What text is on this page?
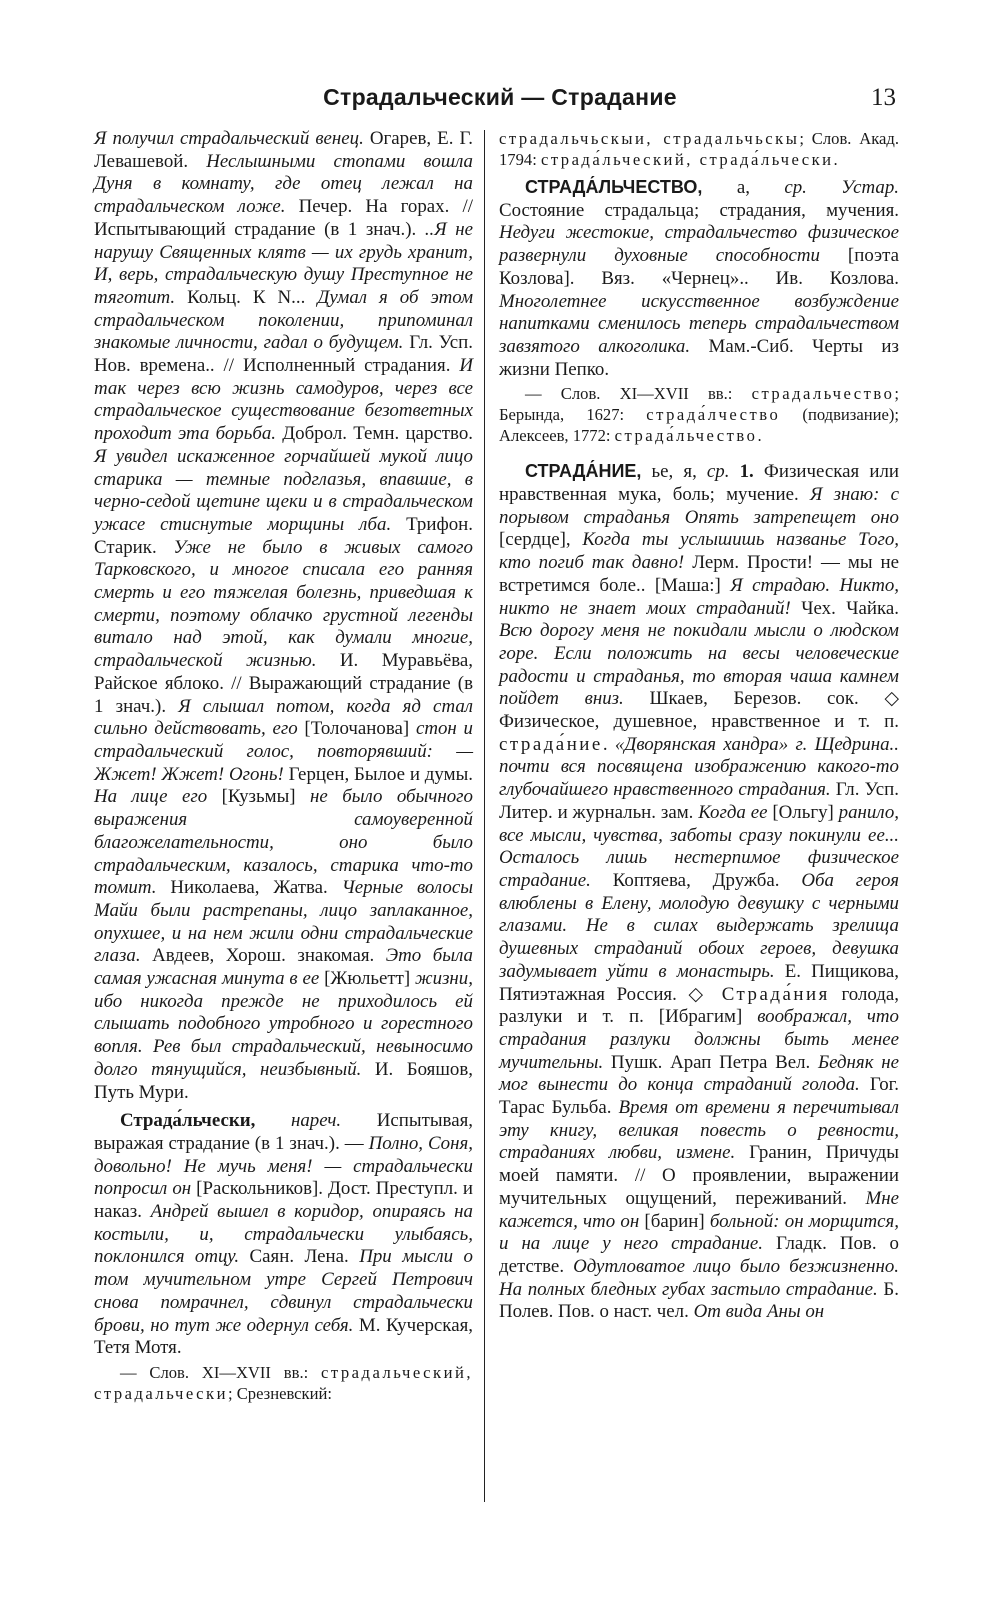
Страдальческий — Страдание	13

Я получил страдальческий венец. Огарев, Е. Г. Левашевой. Неслышными стопами вошла Дуня в комнату, где отец лежал на страдальческом ложе. Печер. На горах. // Испытывающий страдание (в 1 знач.). ..Я не нарушу Священных клятв — их грудь хранит, И, верь, страдальческую душу Преступное не тяготит. Кольц. К N... Думал я об этом страдальческом поколении, припоминал знакомые личности, гадал о будущем. Гл. Усп. Нов. времена.. // Исполненный страдания. И так через всю жизнь самодуров, через все страдальческое существование безответных проходит эта борьба. Доброл. Темн. царство. Я увидел искаженное горчайшей мукой лицо старика — темные подглазья, впавшие, в черно-седой щетине щеки и в страдальческом ужасе стиснутые морщины лба. Трифон. Старик. Уже не было в живых самого Тарковского, и многое списала его ранняя смерть и его тяжелая болезнь, приведшая к смерти, поэтому облачко грустной легенды витало над этой, как думали многие, страдальческой жизнью. И. Муравьёва, Райское яблоко. // Выражающий страдание (в 1 знач.). Я слышал потом, когда яд стал сильно действовать, его [Толочанова] стон и страдальческий голос, повторявший: — Жжет! Жжет! Огонь! Герцен, Былое и думы. На лице его [Кузьмы] не было обычного выражения самоуверенной благожелательности, оно было страдальческим, казалось, старика что-то томит. Николаева, Жатва. Черные волосы Майи были растрепаны, лицо заплаканное, опухшее, и на нем жили одни страдальческие глаза. Авдеев, Хорош. знакомая. Это была самая ужасная минута в ее [Жюльетт] жизни, ибо никогда прежде не приходилось ей слышать подобного утробного и горестного вопля. Рев был страдальческий, невыносимо долго тянущийся, неизбывный. И. Бояшов, Путь Мури.

Страда́льчески, нареч. Испытывая, выражая страдание (в 1 знач.). — Полно, Соня, довольно! Не мучь меня! — страдальчески попросил он [Раскольников]. Дост. Преступл. и наказ. Андрей вышел в коридор, опираясь на костыли, и, страдальчески улыбаясь, поклонился отцу. Саян. Лена. При мысли о том мучительном утре Сергей Петрович снова помрачнел, сдвинул страдальчески брови, но тут же одернул себя. М. Кучерская, Тетя Мотя.

— Слов. XI—XVII вв.: страдальческий, страдальчески; Срезневский:

страдальчьскыи, страдальчьскы; Слов. Акад. 1794: страда́льческий, страда́льчески.

СТРАДА́ЛЬЧЕСТВО, а, ср. Устар. Состояние страдальца; страдания, мучения. Недуги жестокие, страдальчество физическое развернули духовные способности [поэта Козлова]. Вяз. «Чернец».. Ив. Козлова. Многолетнее искусственное возбуждение напитками сменилось теперь страдальчеством завзятого алкоголика. Мам.-Сиб. Черты из жизни Пепко.

— Слов. XI—XVII вв.: страдальчество; Берында, 1627: страда́лчество (подвизание); Алексеев, 1772: страда́льчество.

СТРАДА́НИЕ, ье, я, ср. 1. Физическая или нравственная мука, боль; мучение. Я знаю: с порывом страданья Опять затрепещет оно [сердце], Когда ты услышишь названье Того, кто погиб так давно! Лерм. Прости! — мы не встретимся боле.. [Маша:] Я страдаю. Никто, никто не знает моих страданий! Чех. Чайка. Всю дорогу меня не покидали мысли о людском горе. Если положить на весы человеческие радости и страданья, то вторая чаша камнем пойдет вниз. Шкаев, Березов. сок. ◇ Физическое, душевное, нравственное и т. п. страда́ние. «Дворянская хандра» г. Щедрина.. почти вся посвящена изображению какого-то глубочайшего нравственного страдания. Гл. Усп. Литер. и журнальн. зам. Когда ее [Ольгу] ранило, все мысли, чувства, заботы сразу покинули ее... Осталось лишь нестерпимое физическое страдание. Коптяева, Дружба. Оба героя влюблены в Елену, молодую девушку с черными глазами. Не в силах выдержать зрелища душевных страданий обоих героев, девушка задумывает уйти в монастырь. Е. Пищикова, Пятиэтажная Россия. ◇ Страда́ния голода, разлуки и т. п. [Ибрагим] воображал, что страдания разлуки должны быть менее мучительны. Пушк. Арап Петра Вел. Бедняк не мог вынести до конца страданий голода. Гог. Тарас Бульба. Время от времени я перечитывал эту книгу, великая повесть о ревности, страданиях любви, измене. Гранин, Причуды моей памяти. // О проявлении, выражении мучительных ощущений, переживаний. Мне кажется, что он [барин] больной: он морщится, и на лице у него страдание. Гладк. Пов. о детстве. Одутловатое лицо было безжизненно. На полных бледных губах застыло страдание. Б. Полев. Пов. о наст. чел. От вида Аны он
